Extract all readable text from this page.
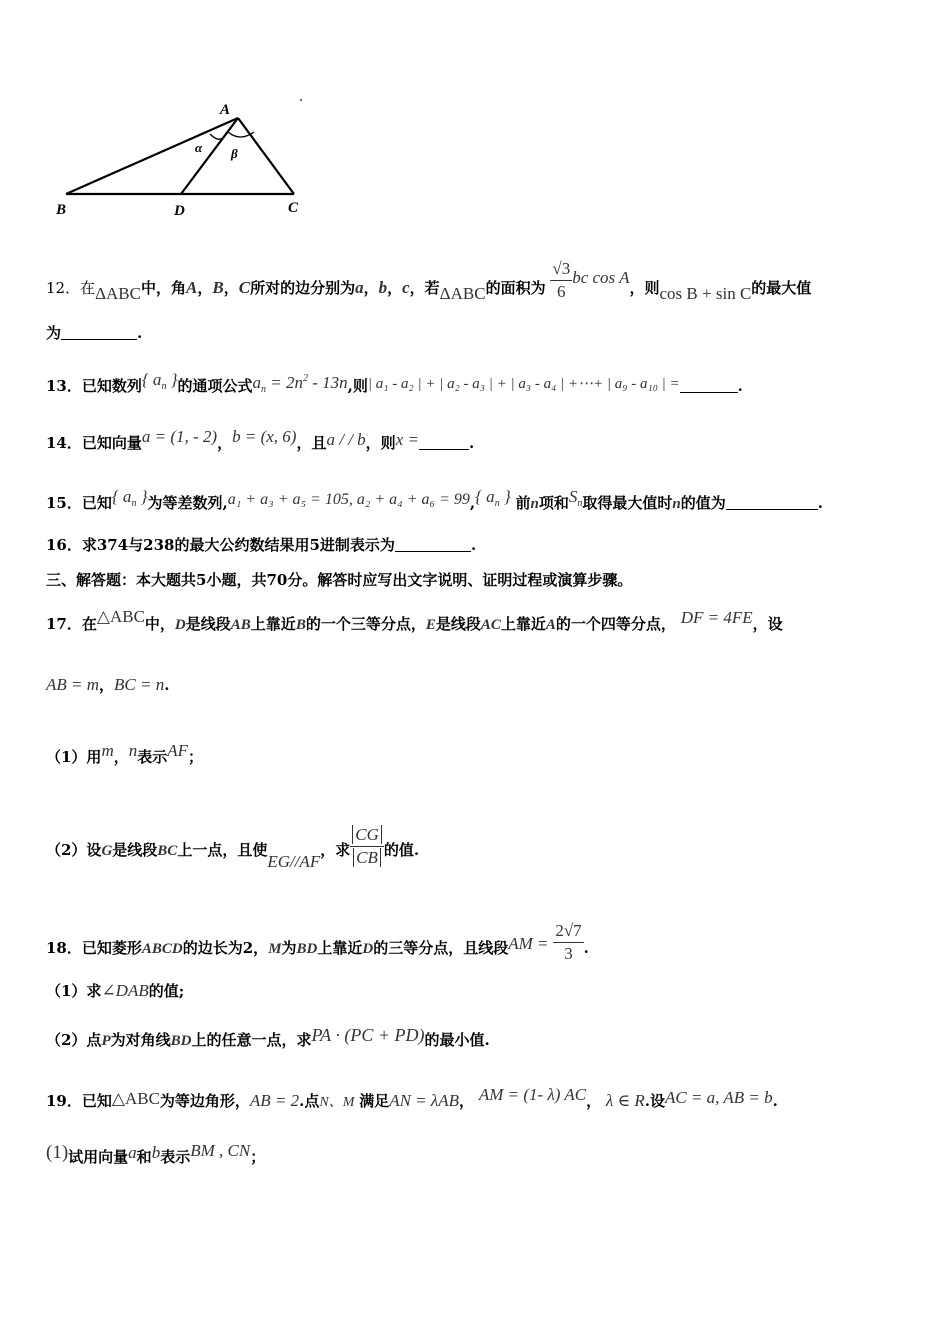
A
B	D	C
α β
12．在ΔABC中，角A，B，C所对的边分别为a，b，c，若ΔABC的面积为 $\frac{√3}{6}$ bc cos A，则cos B + sin C的最大值
为	.
13．已知数列{ $a_n$ }的通项公式$a_n = 2n^2 - 13n$,则| a₁ - a₂ | + | a₂ - a₃ | + | a₃ - a₄ | +⋯+ | a₉ - a₁₀ | =	.
14．已知向量a = (1, - 2)，b = (x, 6)，且a / / b，则x =	.
15．已知{ $a_n$ }为等差数列,a₁ + a₃ + a₅ = 105, a₂ + a₄ + a₆ = 99,{ $a_n$ } 前n项和$S_n$取得最大值时n的值为	.
16．求374与238的最大公约数结果用5进制表示为	.
三、解答题：本大题共5小题，共70分。解答时应写出文字说明、证明过程或演算步骤。
17．在△ABC中，D是线段AB上靠近B的一个三等分点，E是线段AC上靠近A的一个四等分点， DF = 4FE，设
AB = m，BC = n.
（1）用m，n表示AF；
（2）设G是线段BC上一点，且使EG//AF，求 $\frac{CG}{CB}$ 的值.
18．已知菱形ABCD的边长为2，M为BD上靠近D的三等分点，且线段AM = $\frac{2√7}{3}$ .
（1）求∠DAB的值;
（2）点P为对角线BD上的任意一点，求PA · (PC + PD)的最小值.
19．已知△ABC为等边角形，AB = 2.点N、M 满足AN = λAB， AM = (1- λ) AC， λ ∈ R.设AC = a, AB = b.
(1)试用向量a和b表示BM , CN；
